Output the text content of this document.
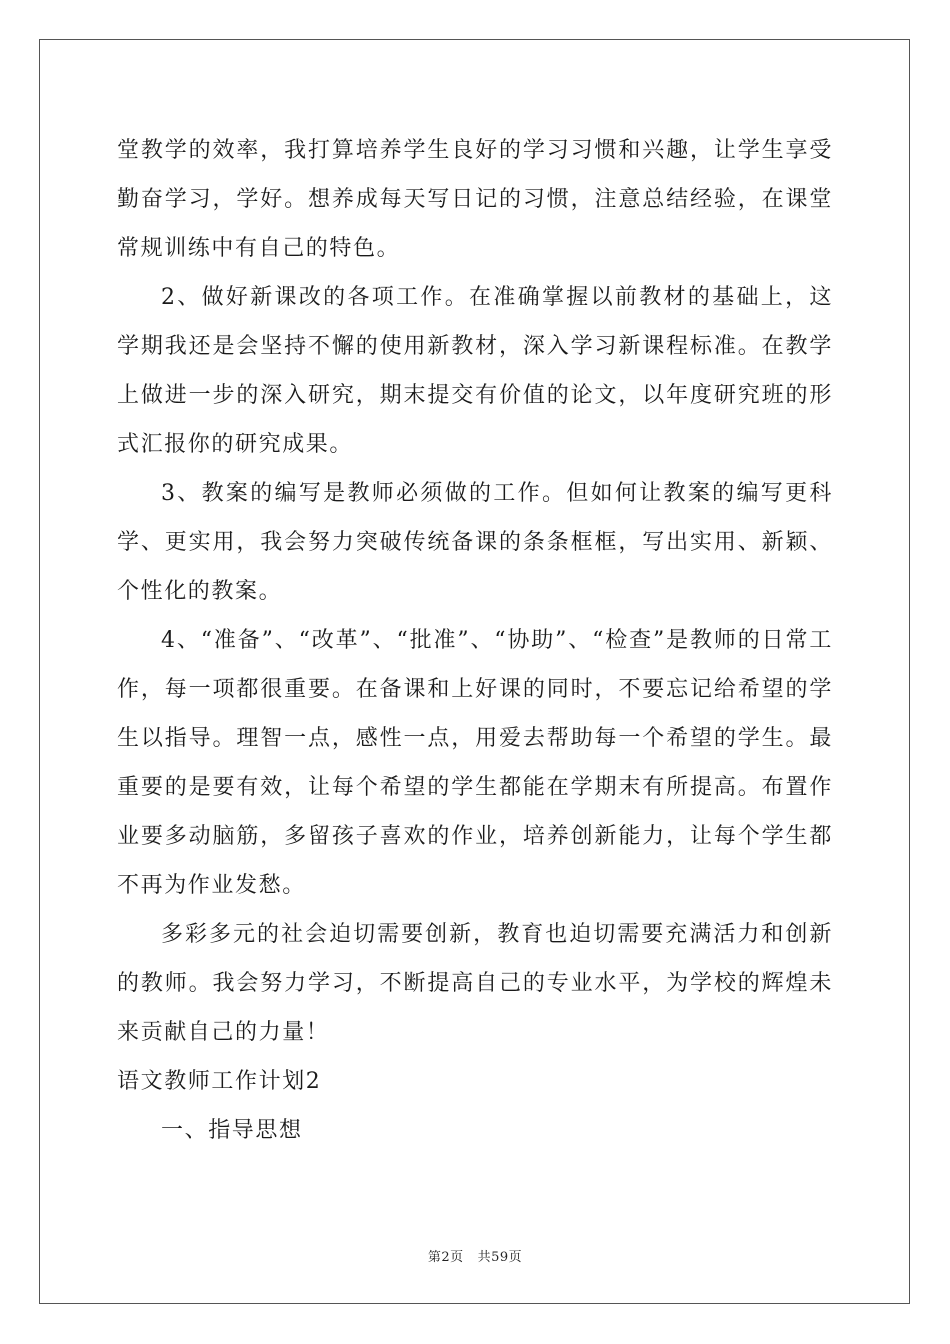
堂教学的效率，我打算培养学生良好的学习习惯和兴趣，让学生享受勤奋学习，学好。想养成每天写日记的习惯，注意总结经验，在课堂常规训练中有自己的特色。

2、做好新课改的各项工作。在准确掌握以前教材的基础上，这学期我还是会坚持不懈的使用新教材，深入学习新课程标准。在教学上做进一步的深入研究，期末提交有价值的论文，以年度研究班的形式汇报你的研究成果。

3、教案的编写是教师必须做的工作。但如何让教案的编写更科学、更实用，我会努力突破传统备课的条条框框，写出实用、新颖、个性化的教案。

4、“准备”、“改革”、“批准”、“协助”、“检查”是教师的日常工作，每一项都很重要。在备课和上好课的同时，不要忘记给希望的学生以指导。理智一点，感性一点，用爱去帮助每一个希望的学生。最重要的是要有效，让每个希望的学生都能在学期末有所提高。布置作业要多动脑筋，多留孩子喜欢的作业，培养创新能力，让每个学生都不再为作业发愁。

多彩多元的社会迫切需要创新，教育也迫切需要充满活力和创新的教师。我会努力学习，不断提高自己的专业水平，为学校的辉煌未来贡献自己的力量！

语文教师工作计划2

一、指导思想

第2页 共59页
